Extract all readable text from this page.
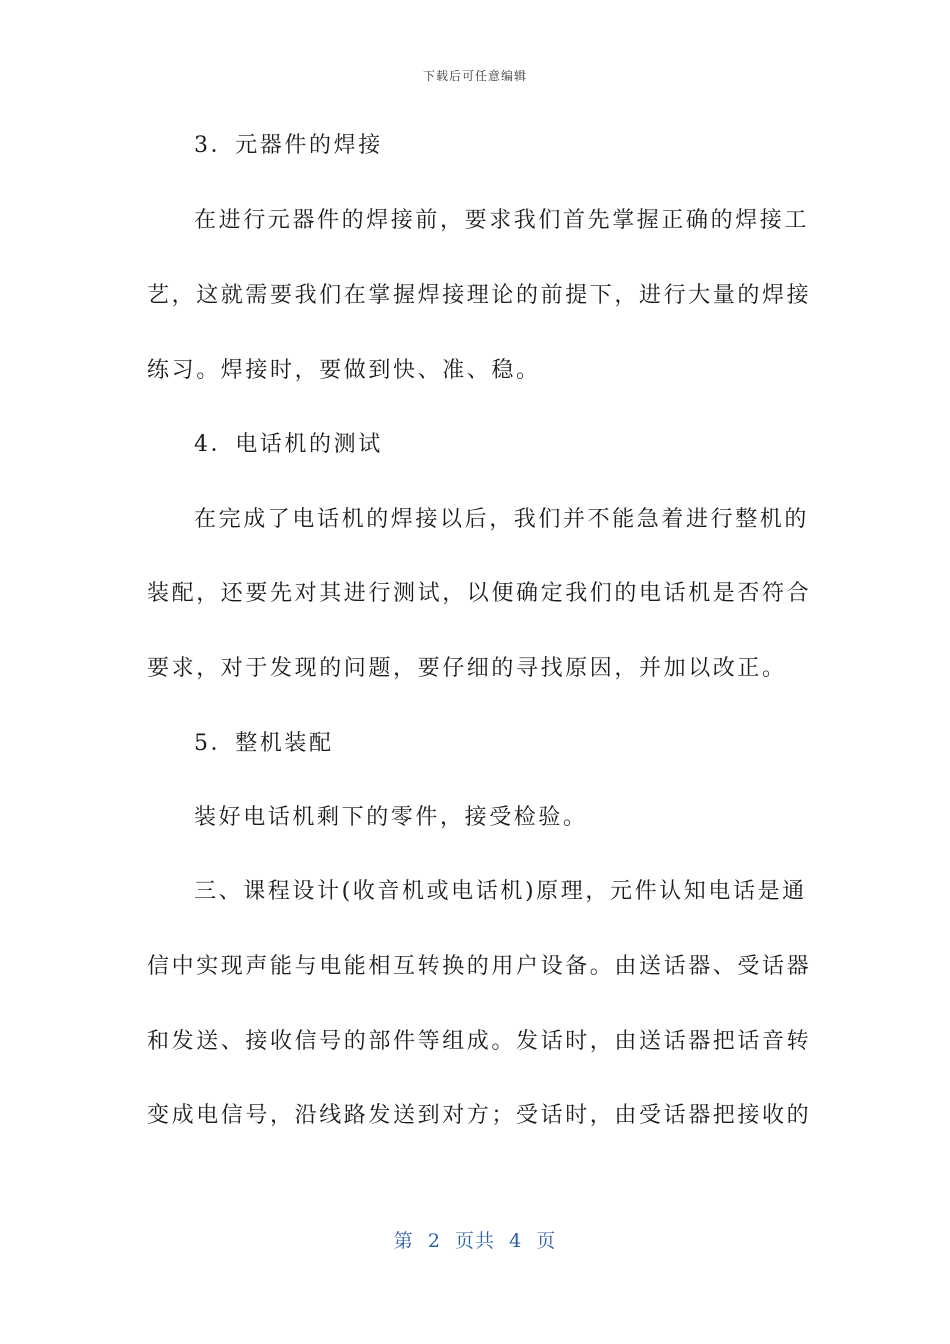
下载后可任意编辑
3．元器件的焊接
在进行元器件的焊接前，要求我们首先掌握正确的焊接工
艺，这就需要我们在掌握焊接理论的前提下，进行大量的焊接
练习。焊接时，要做到快、准、稳。
4．电话机的测试
在完成了电话机的焊接以后，我们并不能急着进行整机的
装配，还要先对其进行测试，以便确定我们的电话机是否符合
要求，对于发现的问题，要仔细的寻找原因，并加以改正。
5．整机装配
装好电话机剩下的零件，接受检验。
三、课程设计(收音机或电话机)原理，元件认知电话是通
信中实现声能与电能相互转换的用户设备。由送话器、受话器
和发送、接收信号的部件等组成。发话时，由送话器把话音转
变成电信号，沿线路发送到对方；受话时，由受话器把接收的
第  2  页共  4  页
